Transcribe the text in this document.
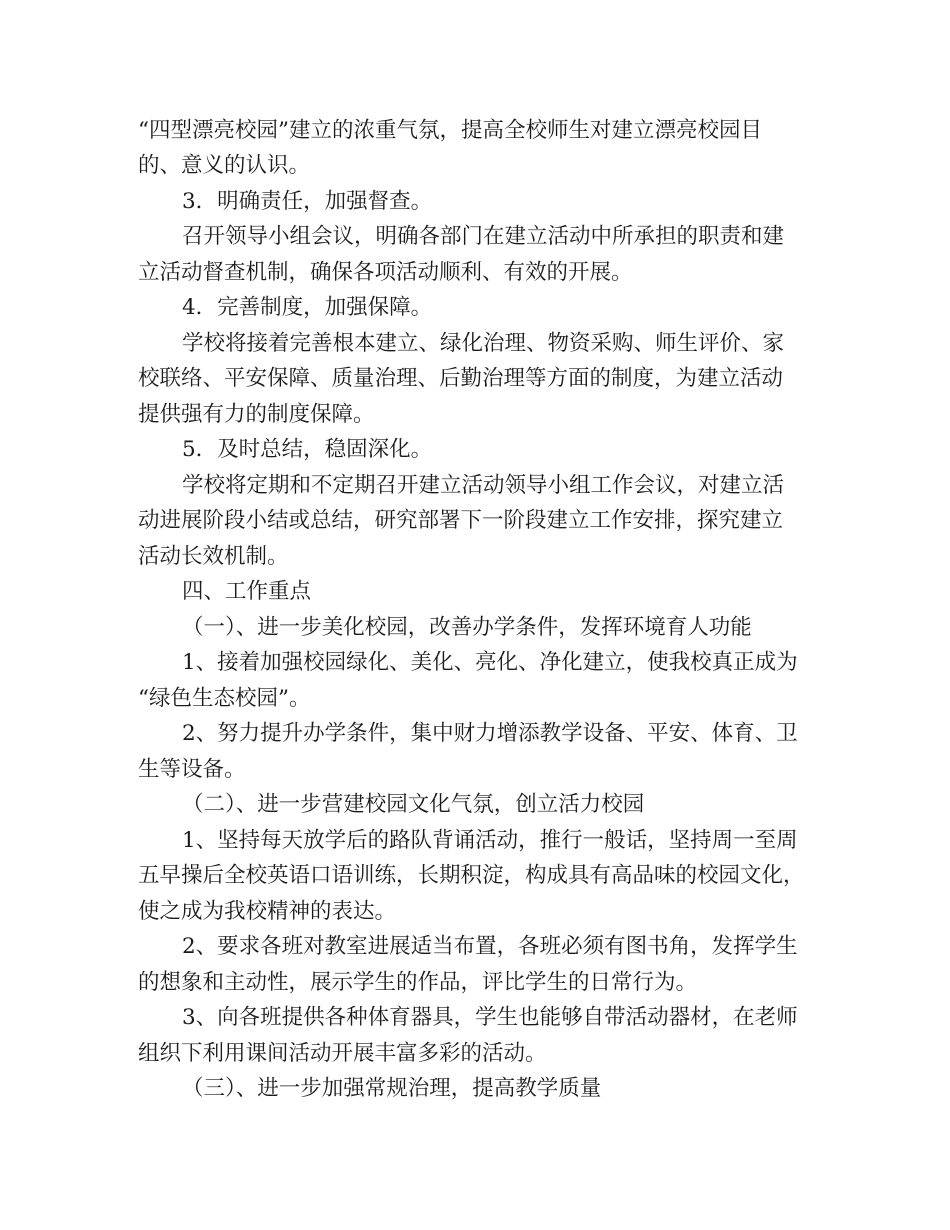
“四型漂亮校园”建立的浓重气氛，提高全校师生对建立漂亮校园目
的、意义的认识。
3．明确责任，加强督查。
召开领导小组会议，明确各部门在建立活动中所承担的职责和建
立活动督查机制，确保各项活动顺利、有效的开展。
4．完善制度，加强保障。
学校将接着完善根本建立、绿化治理、物资采购、师生评价、家
校联络、平安保障、质量治理、后勤治理等方面的制度，为建立活动
提供强有力的制度保障。
5．及时总结，稳固深化。
学校将定期和不定期召开建立活动领导小组工作会议，对建立活
动进展阶段小结或总结，研究部署下一阶段建立工作安排，探究建立
活动长效机制。
四、工作重点
（一）、进一步美化校园，改善办学条件，发挥环境育人功能
1、接着加强校园绿化、美化、亮化、净化建立，使我校真正成为
“绿色生态校园”。
2、努力提升办学条件，集中财力增添教学设备、平安、体育、卫
生等设备。
（二）、进一步营建校园文化气氛，创立活力校园
1、坚持每天放学后的路队背诵活动，推行一般话，坚持周一至周
五早操后全校英语口语训练，长期积淀，构成具有高品味的校园文化，
使之成为我校精神的表达。
2、要求各班对教室进展适当布置，各班必须有图书角，发挥学生
的想象和主动性，展示学生的作品，评比学生的日常行为。
3、向各班提供各种体育器具，学生也能够自带活动器材，在老师
组织下利用课间活动开展丰富多彩的活动。
（三）、进一步加强常规治理，提高教学质量
